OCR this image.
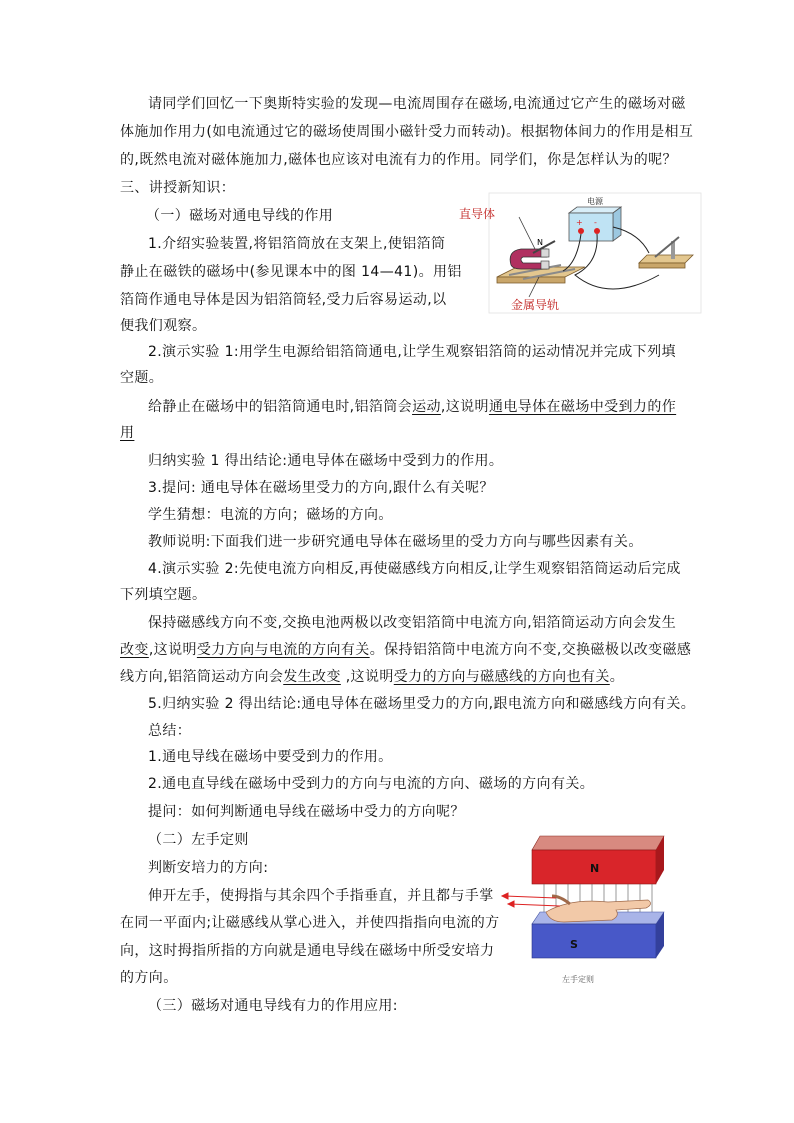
请同学们回忆一下奥斯特实验的发现—电流周围存在磁场,电流通过它产生的磁场对磁
体施加作用力(如电流通过它的磁场使周围小磁针受力而转动)。根据物体间力的作用是相互
的,既然电流对磁体施加力,磁体也应该对电流有力的作用。同学们，你是怎样认为的呢？
三、讲授新知识：
（一）磁场对通电导线的作用
1.介绍实验装置,将铝箔筒放在支架上,使铝箔筒
静止在磁铁的磁场中(参见课本中的图 14—41)。用铝
箔筒作通电导体是因为铝箔筒轻,受力后容易运动,以
便我们观察。
N
直导体
金属导轨
电源
+ -
2.演示实验 1:用学生电源给铝箔筒通电,让学生观察铝箔筒的运动情况并完成下列填
空题。
给静止在磁场中的铝箔筒通电时,铝箔筒会运动,这说明通电导体在磁场中受到力的作
用
归纳实验 1 得出结论:通电导体在磁场中受到力的作用。
3.提问: 通电导体在磁场里受力的方向,跟什么有关呢？
学生猜想：电流的方向；磁场的方向。
教师说明:下面我们进一步研究通电导体在磁场里的受力方向与哪些因素有关。
4.演示实验 2:先使电流方向相反,再使磁感线方向相反,让学生观察铝箔筒运动后完成
下列填空题。
保持磁感线方向不变,交换电池两极以改变铝箔筒中电流方向,铝箔筒运动方向会发生
改变,这说明受力方向与电流的方向有关。保持铝箔筒中电流方向不变,交换磁极以改变磁感
线方向,铝箔筒运动方向会发生改变 ,这说明受力的方向与磁感线的方向也有关。
5.归纳实验 2 得出结论:通电导体在磁场里受力的方向,跟电流方向和磁感线方向有关。
总结：
1.通电导线在磁场中要受到力的作用。
2.通电直导线在磁场中受到力的方向与电流的方向、磁场的方向有关。
提问：如何判断通电导线在磁场中受力的方向呢？
（二）左手定则
判断安培力的方向:
伸开左手，使拇指与其余四个手指垂直，并且都与手掌
在同一平面内;让磁感线从掌心进入，并使四指指向电流的方
向，这时拇指所指的方向就是通电导线在磁场中所受安培力
的方向。
N
S
左手定则
（三）磁场对通电导线有力的作用应用:
